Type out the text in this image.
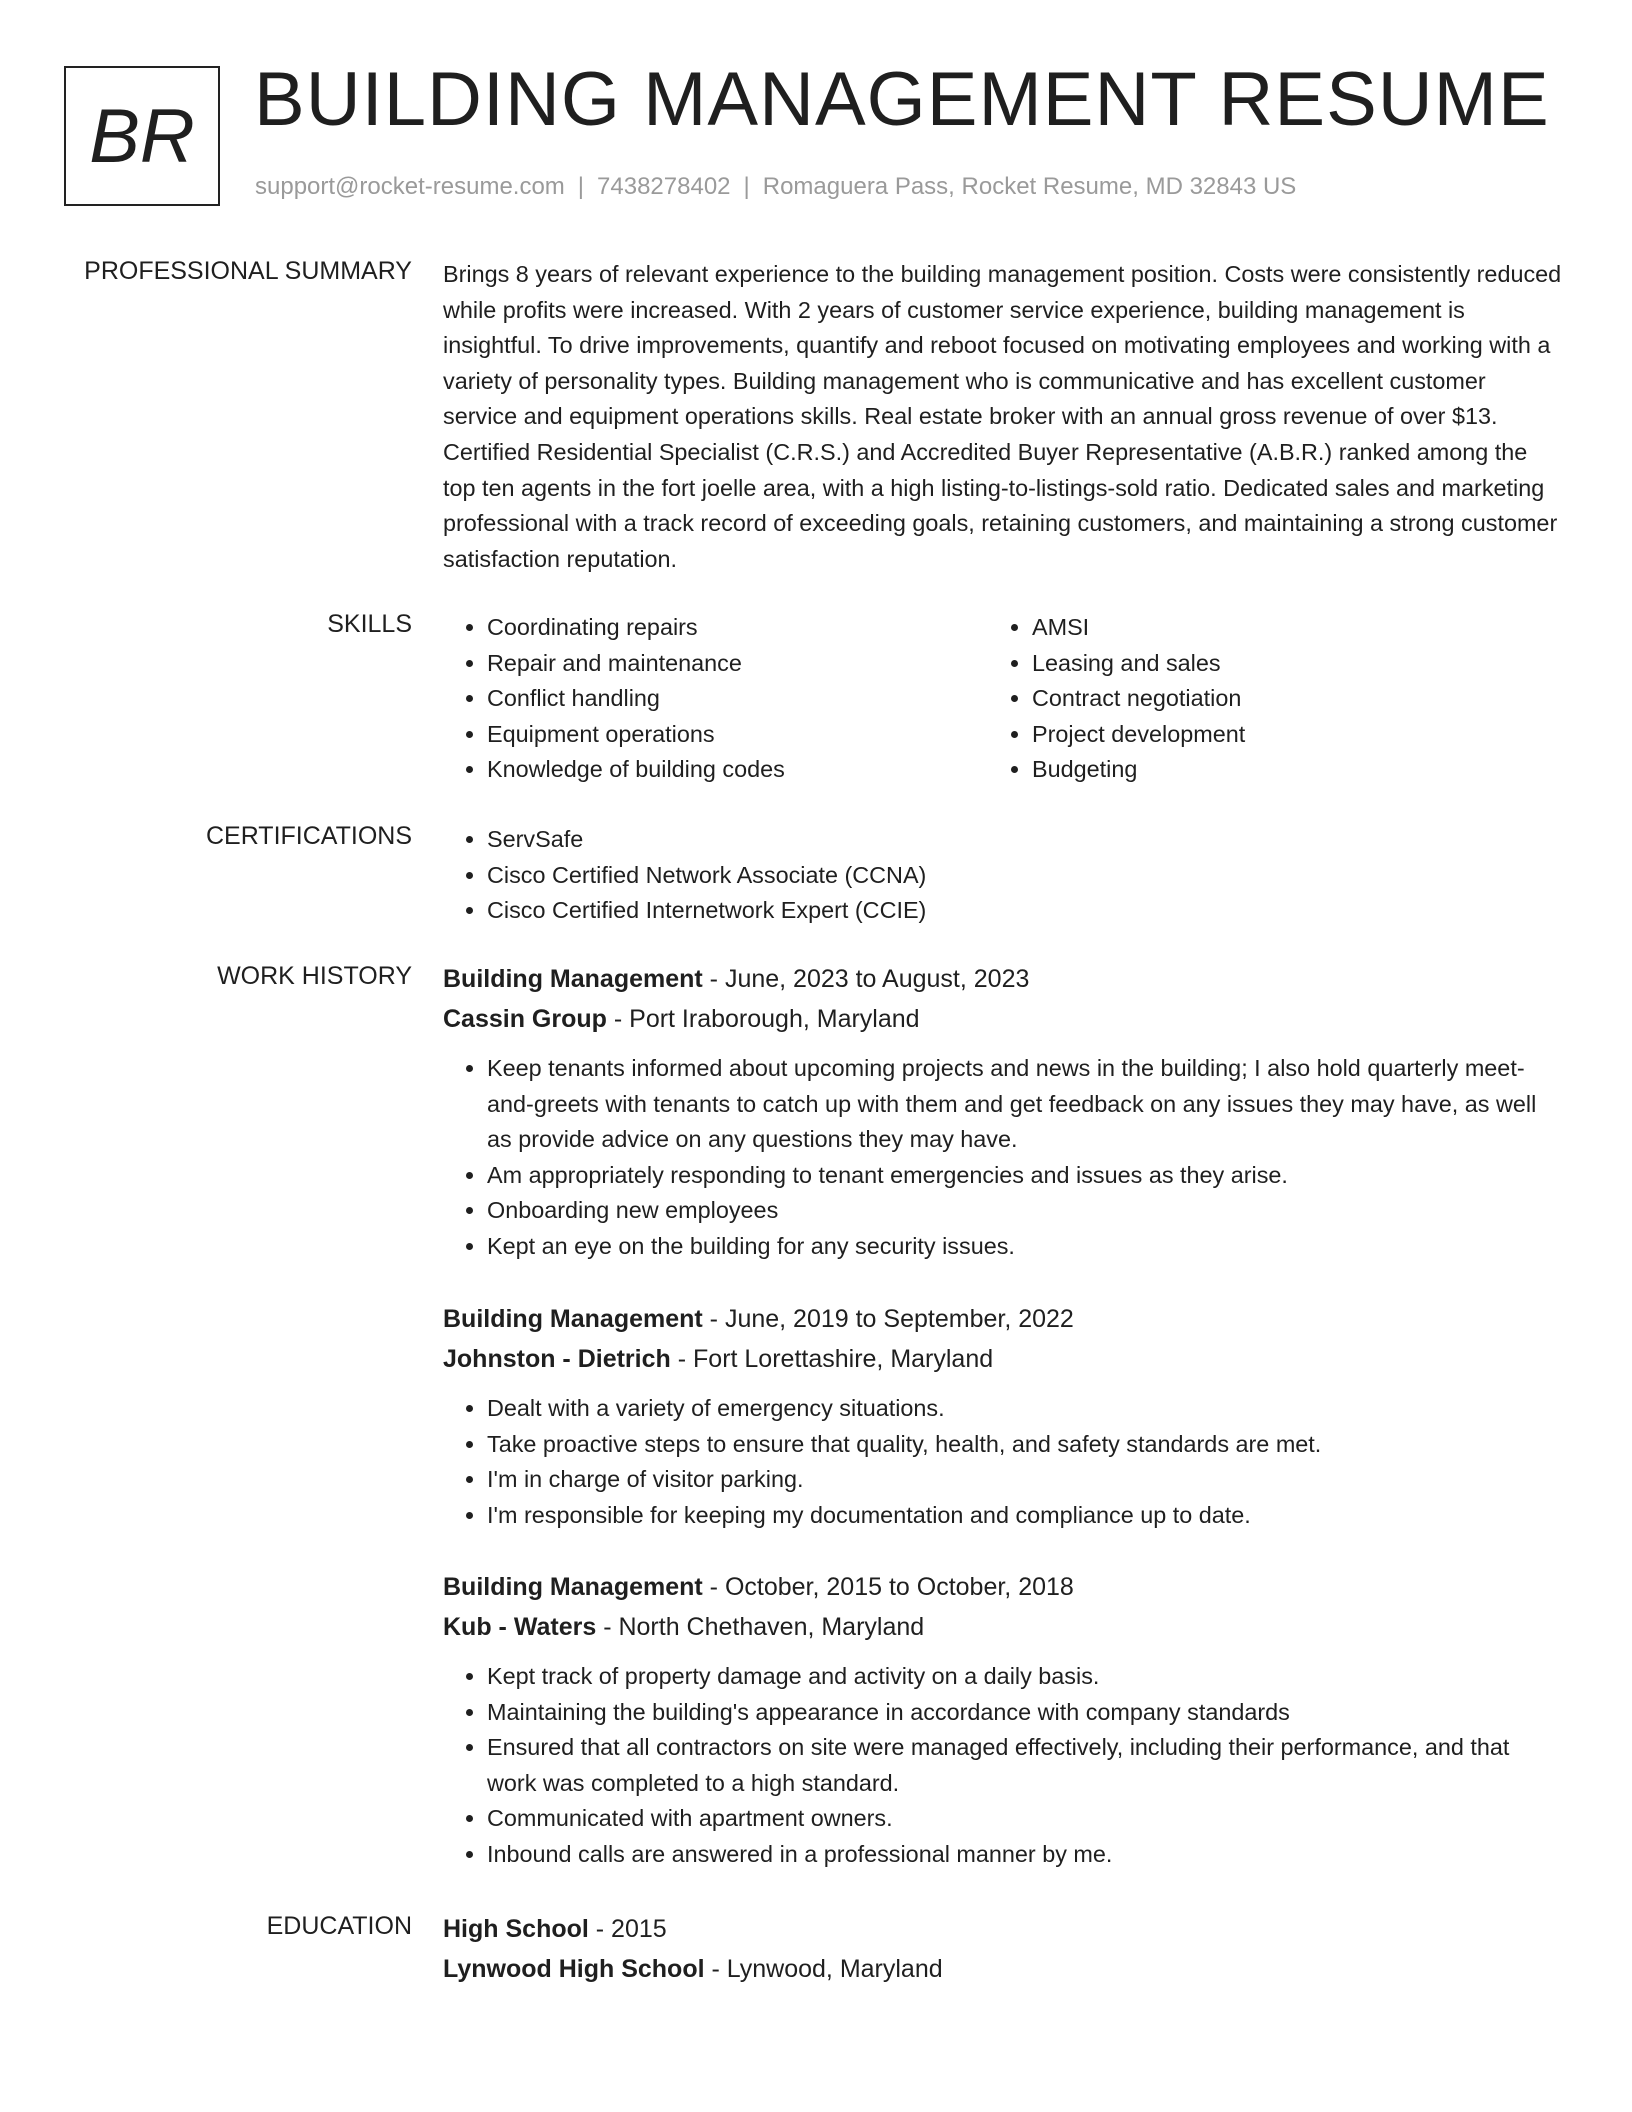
BR BUILDING MANAGEMENT RESUME
support@rocket-resume.com | 7438278402 | Romaguera Pass, Rocket Resume, MD 32843 US
PROFESSIONAL SUMMARY Brings 8 years of relevant experience to the building management position. Costs were consistently reduced while profits were increased. With 2 years of customer service experience, building management is insightful. To drive improvements, quantify and reboot focused on motivating employees and working with a variety of personality types. Building management who is communicative and has excellent customer service and equipment operations skills. Real estate broker with an annual gross revenue of over $13. Certified Residential Specialist (C.R.S.) and Accredited Buyer Representative (A.B.R.) ranked among the top ten agents in the fort joelle area, with a high listing-to-listings-sold ratio. Dedicated sales and marketing professional with a track record of exceeding goals, retaining customers, and maintaining a strong customer satisfaction reputation.

SKILLS	• Coordinating repairs
• Repair and maintenance
• Conflict handling
• Equipment operations
• Knowledge of building codes
• AMSI
• Leasing and sales
• Contract negotiation
• Project development
• Budgeting
CERTIFICATIONS	• ServSafe
• Cisco Certified Network Associate (CCNA)
• Cisco Certified Internetwork Expert (CCIE)
WORK HISTORY Building Management - June, 2023 to August, 2023
Cassin Group - Port Iraborough, Maryland
• Keep tenants informed about upcoming projects and news in the building; I also hold quarterly meet-and-greets with tenants to catch up with them and get feedback on any issues they may have, as well as provide advice on any questions they may have.
• Am appropriately responding to tenant emergencies and issues as they arise.
• Onboarding new employees
• Kept an eye on the building for any security issues.
Building Management - June, 2019 to September, 2022
Johnston - Dietrich - Fort Lorettashire, Maryland
• Dealt with a variety of emergency situations.
• Take proactive steps to ensure that quality, health, and safety standards are met.
• I'm in charge of visitor parking.
• I'm responsible for keeping my documentation and compliance up to date.
Building Management - October, 2015 to October, 2018
Kub - Waters - North Chethaven, Maryland
• Kept track of property damage and activity on a daily basis.
• Maintaining the building's appearance in accordance with company standards
• Ensured that all contractors on site were managed effectively, including their performance, and that work was completed to a high standard.
• Communicated with apartment owners.
• Inbound calls are answered in a professional manner by me.
EDUCATION High School - 2015
Lynwood High School - Lynwood, Maryland
